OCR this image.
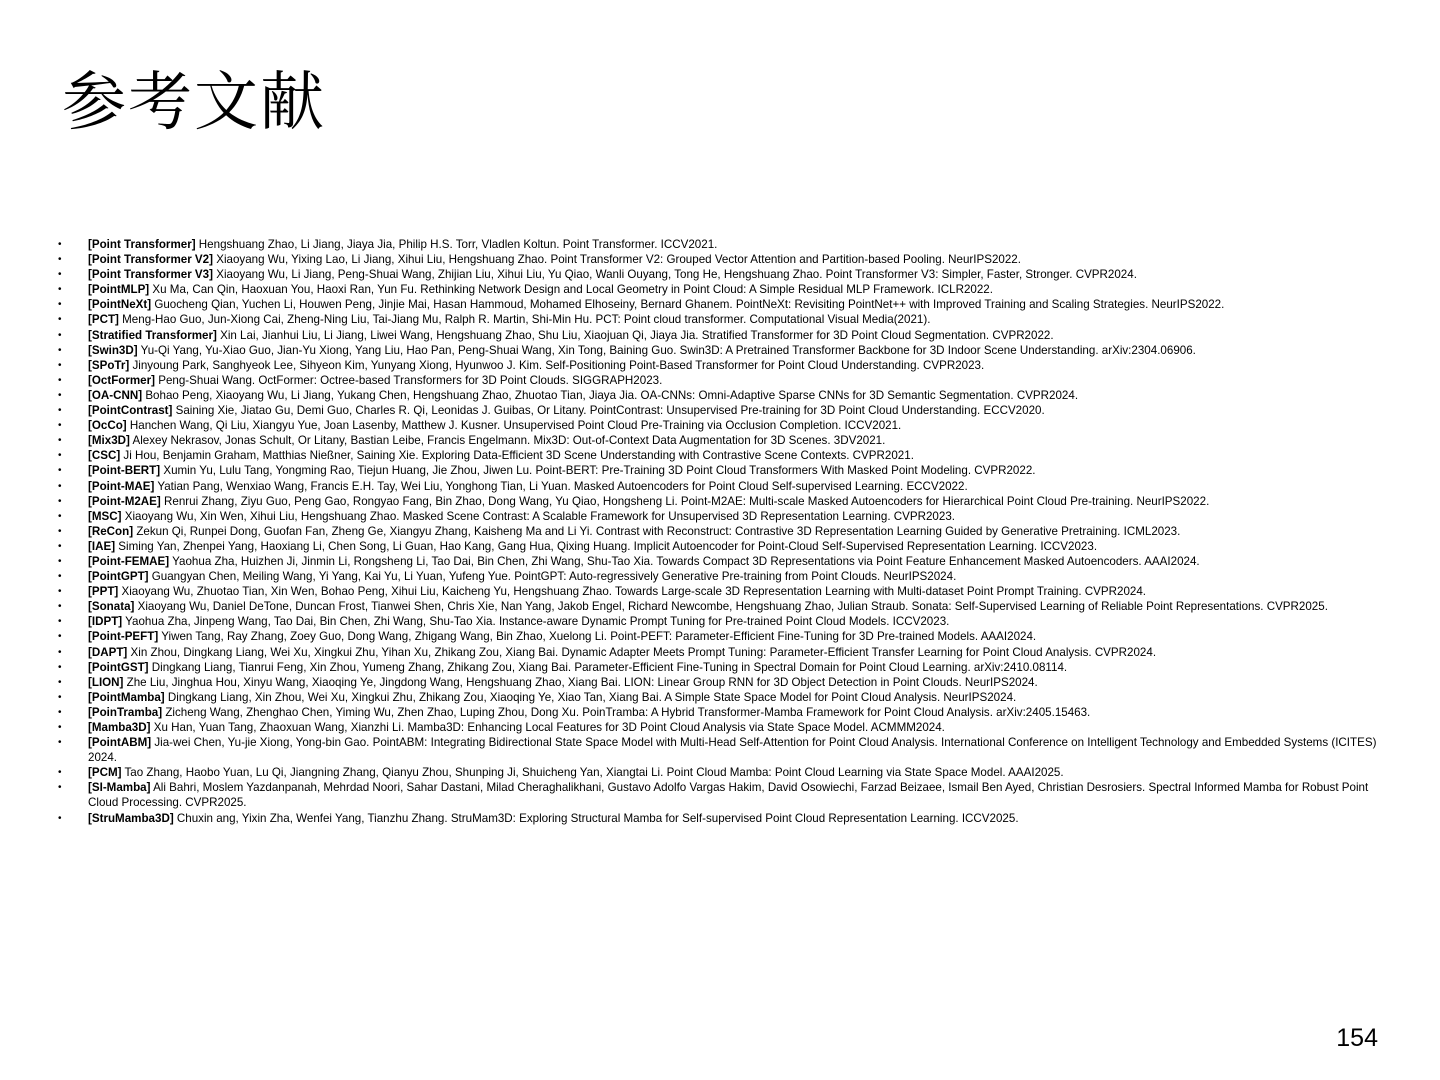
参考文献
• [Point Transformer] Hengshuang Zhao, Li Jiang, Jiaya Jia, Philip H.S. Torr, Vladlen Koltun. Point Transformer. ICCV2021.
• [Point Transformer V2] Xiaoyang Wu, Yixing Lao, Li Jiang, Xihui Liu, Hengshuang Zhao. Point Transformer V2: Grouped Vector Attention and Partition-based Pooling. NeurIPS2022.
• [Point Transformer V3] Xiaoyang Wu, Li Jiang, Peng-Shuai Wang, Zhijian Liu, Xihui Liu, Yu Qiao, Wanli Ouyang, Tong He, Hengshuang Zhao. Point Transformer V3: Simpler, Faster, Stronger. CVPR2024.
• [PointMLP] Xu Ma, Can Qin, Haoxuan You, Haoxi Ran, Yun Fu. Rethinking Network Design and Local Geometry in Point Cloud: A Simple Residual MLP Framework. ICLR2022.
• [PointNeXt] Guocheng Qian, Yuchen Li, Houwen Peng, Jinjie Mai, Hasan Hammoud, Mohamed Elhoseiny, Bernard Ghanem. PointNeXt: Revisiting PointNet++ with Improved Training and Scaling Strategies. NeurIPS2022.
• [PCT] Meng-Hao Guo, Jun-Xiong Cai, Zheng-Ning Liu, Tai-Jiang Mu, Ralph R. Martin, Shi-Min Hu. PCT: Point cloud transformer. Computational Visual Media(2021).
• [Stratified Transformer] Xin Lai, Jianhui Liu, Li Jiang, Liwei Wang, Hengshuang Zhao, Shu Liu, Xiaojuan Qi, Jiaya Jia. Stratified Transformer for 3D Point Cloud Segmentation. CVPR2022.
• [Swin3D] Yu-Qi Yang, Yu-Xiao Guo, Jian-Yu Xiong, Yang Liu, Hao Pan, Peng-Shuai Wang, Xin Tong, Baining Guo. Swin3D: A Pretrained Transformer Backbone for 3D Indoor Scene Understanding. arXiv:2304.06906.
• [SPoTr] Jinyoung Park, Sanghyeok Lee, Sihyeon Kim, Yunyang Xiong, Hyunwoo J. Kim. Self-Positioning Point-Based Transformer for Point Cloud Understanding. CVPR2023.
• [OctFormer] Peng-Shuai Wang. OctFormer: Octree-based Transformers for 3D Point Clouds. SIGGRAPH2023.
• [OA-CNN] Bohao Peng, Xiaoyang Wu, Li Jiang, Yukang Chen, Hengshuang Zhao, Zhuotao Tian, Jiaya Jia. OA-CNNs: Omni-Adaptive Sparse CNNs for 3D Semantic Segmentation. CVPR2024.
• [PointContrast] Saining Xie, Jiatao Gu, Demi Guo, Charles R. Qi, Leonidas J. Guibas, Or Litany. PointContrast: Unsupervised Pre-training for 3D Point Cloud Understanding. ECCV2020.
• [OcCo] Hanchen Wang, Qi Liu, Xiangyu Yue, Joan Lasenby, Matthew J. Kusner. Unsupervised Point Cloud Pre-Training via Occlusion Completion. ICCV2021.
• [Mix3D] Alexey Nekrasov, Jonas Schult, Or Litany, Bastian Leibe, Francis Engelmann. Mix3D: Out-of-Context Data Augmentation for 3D Scenes. 3DV2021.
• [CSC] Ji Hou, Benjamin Graham, Matthias Nießner, Saining Xie. Exploring Data-Efficient 3D Scene Understanding with Contrastive Scene Contexts. CVPR2021.
• [Point-BERT] Xumin Yu, Lulu Tang, Yongming Rao, Tiejun Huang, Jie Zhou, Jiwen Lu. Point-BERT: Pre-Training 3D Point Cloud Transformers With Masked Point Modeling. CVPR2022.
• [Point-MAE] Yatian Pang, Wenxiao Wang, Francis E.H. Tay, Wei Liu, Yonghong Tian, Li Yuan. Masked Autoencoders for Point Cloud Self-supervised Learning. ECCV2022.
• [Point-M2AE] Renrui Zhang, Ziyu Guo, Peng Gao, Rongyao Fang, Bin Zhao, Dong Wang, Yu Qiao, Hongsheng Li. Point-M2AE: Multi-scale Masked Autoencoders for Hierarchical Point Cloud Pre-training. NeurIPS2022.
• [MSC] Xiaoyang Wu, Xin Wen, Xihui Liu, Hengshuang Zhao. Masked Scene Contrast: A Scalable Framework for Unsupervised 3D Representation Learning. CVPR2023.
• [ReCon] Zekun Qi, Runpei Dong, Guofan Fan, Zheng Ge, Xiangyu Zhang, Kaisheng Ma and Li Yi. Contrast with Reconstruct: Contrastive 3D Representation Learning Guided by Generative Pretraining. ICML2023.
• [IAE] Siming Yan, Zhenpei Yang, Haoxiang Li, Chen Song, Li Guan, Hao Kang, Gang Hua, Qixing Huang. Implicit Autoencoder for Point-Cloud Self-Supervised Representation Learning. ICCV2023.
• [Point-FEMAE] Yaohua Zha, Huizhen Ji, Jinmin Li, Rongsheng Li, Tao Dai, Bin Chen, Zhi Wang, Shu-Tao Xia. Towards Compact 3D Representations via Point Feature Enhancement Masked Autoencoders. AAAI2024.
• [PointGPT] Guangyan Chen, Meiling Wang, Yi Yang, Kai Yu, Li Yuan, Yufeng Yue. PointGPT: Auto-regressively Generative Pre-training from Point Clouds. NeurIPS2024.
• [PPT] Xiaoyang Wu, Zhuotao Tian, Xin Wen, Bohao Peng, Xihui Liu, Kaicheng Yu, Hengshuang Zhao. Towards Large-scale 3D Representation Learning with Multi-dataset Point Prompt Training. CVPR2024.
• [Sonata] Xiaoyang Wu, Daniel DeTone, Duncan Frost, Tianwei Shen, Chris Xie, Nan Yang, Jakob Engel, Richard Newcombe, Hengshuang Zhao, Julian Straub. Sonata: Self-Supervised Learning of Reliable Point Representations. CVPR2025.
• [IDPT] Yaohua Zha, Jinpeng Wang, Tao Dai, Bin Chen, Zhi Wang, Shu-Tao Xia. Instance-aware Dynamic Prompt Tuning for Pre-trained Point Cloud Models. ICCV2023.
• [Point-PEFT] Yiwen Tang, Ray Zhang, Zoey Guo, Dong Wang, Zhigang Wang, Bin Zhao, Xuelong Li. Point-PEFT: Parameter-Efficient Fine-Tuning for 3D Pre-trained Models. AAAI2024.
• [DAPT] Xin Zhou, Dingkang Liang, Wei Xu, Xingkui Zhu, Yihan Xu, Zhikang Zou, Xiang Bai. Dynamic Adapter Meets Prompt Tuning: Parameter-Efficient Transfer Learning for Point Cloud Analysis. CVPR2024.
• [PointGST] Dingkang Liang, Tianrui Feng, Xin Zhou, Yumeng Zhang, Zhikang Zou, Xiang Bai. Parameter-Efficient Fine-Tuning in Spectral Domain for Point Cloud Learning. arXiv:2410.08114.
• [LION] Zhe Liu, Jinghua Hou, Xinyu Wang, Xiaoqing Ye, Jingdong Wang, Hengshuang Zhao, Xiang Bai. LION: Linear Group RNN for 3D Object Detection in Point Clouds. NeurIPS2024.
• [PointMamba] Dingkang Liang, Xin Zhou, Wei Xu, Xingkui Zhu, Zhikang Zou, Xiaoqing Ye, Xiao Tan, Xiang Bai. A Simple State Space Model for Point Cloud Analysis. NeurIPS2024.
• [PoinTramba] Zicheng Wang, Zhenghao Chen, Yiming Wu, Zhen Zhao, Luping Zhou, Dong Xu. PoinTramba: A Hybrid Transformer-Mamba Framework for Point Cloud Analysis. arXiv:2405.15463.
• [Mamba3D] Xu Han, Yuan Tang, Zhaoxuan Wang, Xianzhi Li. Mamba3D: Enhancing Local Features for 3D Point Cloud Analysis via State Space Model. ACMMM2024.
• [PointABM] Jia-wei Chen, Yu-jie Xiong, Yong-bin Gao. PointABM: Integrating Bidirectional State Space Model with Multi-Head Self-Attention for Point Cloud Analysis. International Conference on Intelligent Technology and Embedded Systems (ICITES) 2024.
• [PCM] Tao Zhang, Haobo Yuan, Lu Qi, Jiangning Zhang, Qianyu Zhou, Shunping Ji, Shuicheng Yan, Xiangtai Li. Point Cloud Mamba: Point Cloud Learning via State Space Model. AAAI2025.
• [SI-Mamba] Ali Bahri, Moslem Yazdanpanah, Mehrdad Noori, Sahar Dastani, Milad Cheraghalikhani, Gustavo Adolfo Vargas Hakim, David Osowiechi, Farzad Beizaee, Ismail Ben Ayed, Christian Desrosiers. Spectral Informed Mamba for Robust Point Cloud Processing. CVPR2025.
• [StruMamba3D] Chuxin ang, Yixin Zha, Wenfei Yang, Tianzhu Zhang. StruMam3D: Exploring Structural Mamba for Self-supervised Point Cloud Representation Learning. ICCV2025.
154
